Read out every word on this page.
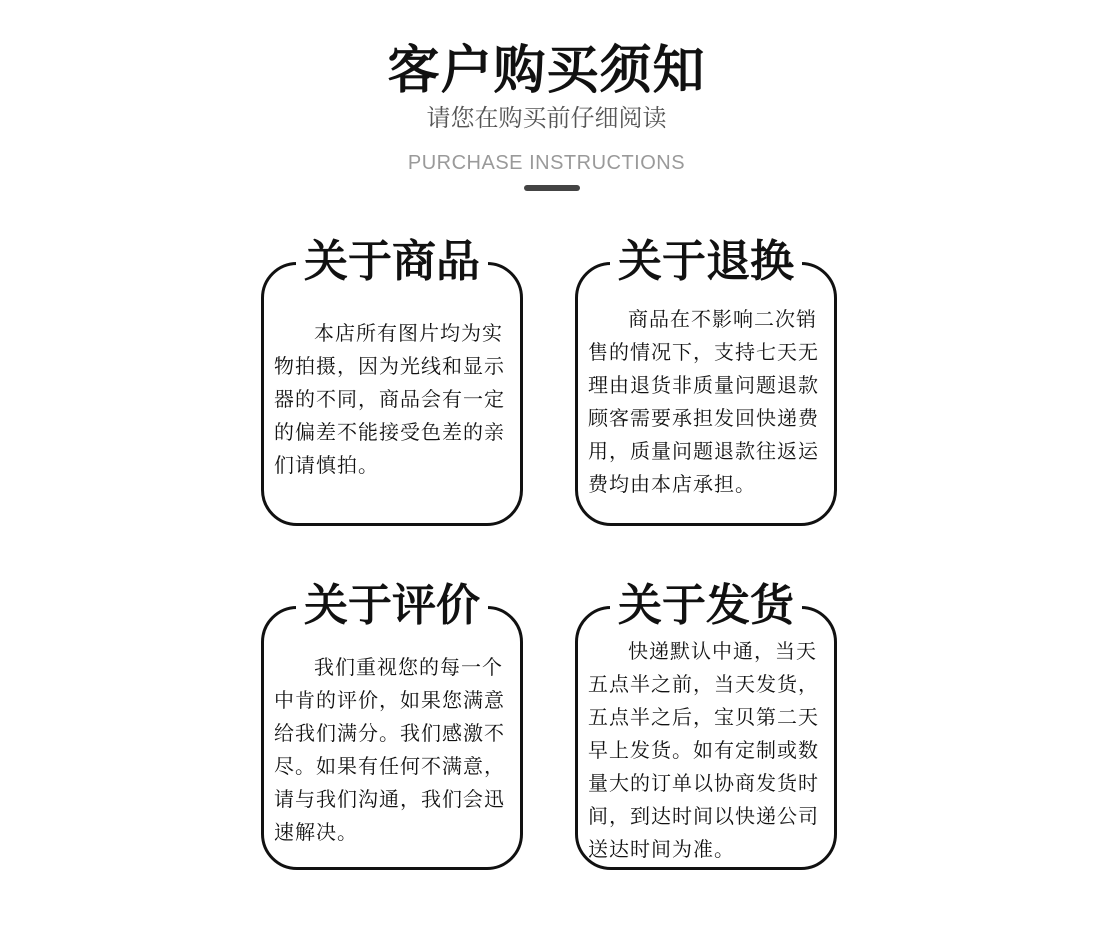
客户购买须知
请您在购买前仔细阅读
PURCHASE INSTRUCTIONS
关于商品
本店所有图片均为实物拍摄，因为光线和显示器的不同，商品会有一定的偏差不能接受色差的亲们请慎拍。
关于退换
商品在不影响二次销售的情况下，支持七天无理由退货非质量问题退款顾客需要承担发回快递费用，质量问题退款往返运费均由本店承担。
关于评价
我们重视您的每一个中肯的评价，如果您满意给我们满分。我们感激不尽。如果有任何不满意，请与我们沟通，我们会迅速解决。
关于发货
快递默认中通，当天五点半之前，当天发货，五点半之后，宝贝第二天早上发货。如有定制或数量大的订单以协商发货时间，到达时间以快递公司送达时间为准。
